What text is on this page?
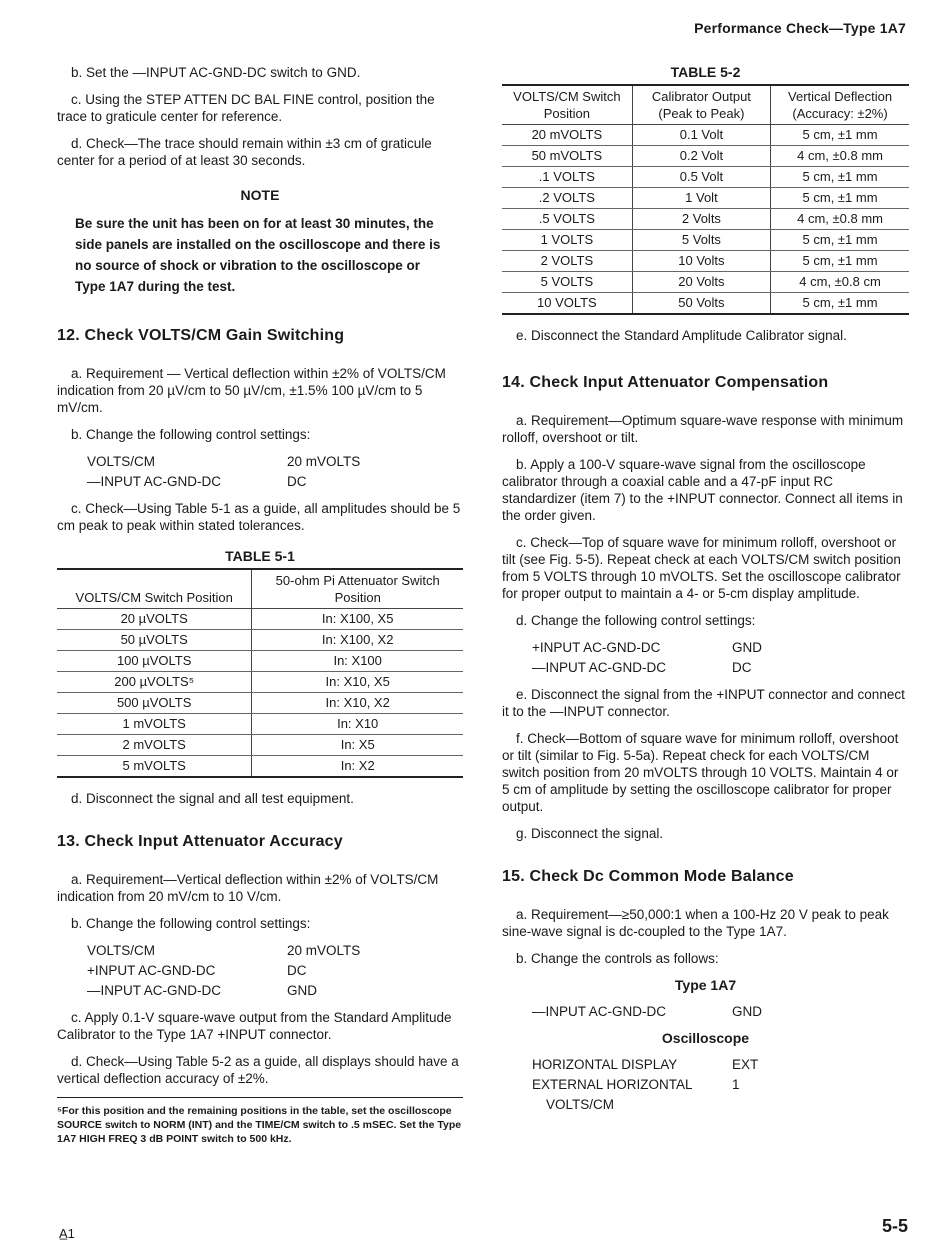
Performance Check—Type 1A7

b. Set the —INPUT AC-GND-DC switch to GND.

c. Using the STEP ATTEN DC BAL FINE control, position the trace to graticule center for reference.

d. Check—The trace should remain within ±3 cm of graticule center for a period of at least 30 seconds.

NOTE

Be sure the unit has been on for at least 30 minutes, the side panels are installed on the oscilloscope and there is no source of shock or vibration to the oscilloscope or Type 1A7 during the test.

12. Check VOLTS/CM Gain Switching

a. Requirement — Vertical deflection within ±2% of VOLTS/CM indication from 20 µV/cm to 50 µV/cm, ±1.5% 100 µV/cm to 5 mV/cm.

b. Change the following control settings:

VOLTS/CM	20 mVOLTS
—INPUT AC-GND-DC	DC

c. Check—Using Table 5-1 as a guide, all amplitudes should be 5 cm peak to peak within stated tolerances.

TABLE 5-1
VOLTS/CM Switch Position	50-ohm Pi Attenuator Switch Position
20 µVOLTS	In: X100, X5
50 µVOLTS	In: X100, X2
100 µVOLTS	In: X100
200 µVOLTS⁵	In: X10, X5
500 µVOLTS	In: X10, X2
1 mVOLTS	In: X10
2 mVOLTS	In: X5
5 mVOLTS	In: X2

d. Disconnect the signal and all test equipment.

13. Check Input Attenuator Accuracy

a. Requirement—Vertical deflection within ±2% of VOLTS/CM indication from 20 mV/cm to 10 V/cm.

b. Change the following control settings:

VOLTS/CM	20 mVOLTS
+INPUT AC-GND-DC	DC
—INPUT AC-GND-DC	GND

c. Apply 0.1-V square-wave output from the Standard Amplitude Calibrator to the Type 1A7 +INPUT connector.

d. Check—Using Table 5-2 as a guide, all displays should have a vertical deflection accuracy of ±2%.

⁵For this position and the remaining positions in the table, set the oscilloscope SOURCE switch to NORM (INT) and the TIME/CM switch to .5 mSEC. Set the Type 1A7 HIGH FREQ 3 dB POINT switch to 500 kHz.
TABLE 5-2
VOLTS/CM Switch Position	Calibrator Output (Peak to Peak)	Vertical Deflection (Accuracy: ±2%)
20 mVOLTS	0.1 Volt	5 cm, ±1 mm
50 mVOLTS	0.2 Volt	4 cm, ±0.8 mm
.1 VOLTS	0.5 Volt	5 cm, ±1 mm
.2 VOLTS	1 Volt	5 cm, ±1 mm
.5 VOLTS	2 Volts	4 cm, ±0.8 mm
1 VOLTS	5 Volts	5 cm, ±1 mm
2 VOLTS	10 Volts	5 cm, ±1 mm
5 VOLTS	20 Volts	4 cm, ±0.8 cm
10 VOLTS	50 Volts	5 cm, ±1 mm

e. Disconnect the Standard Amplitude Calibrator signal.

14. Check Input Attenuator Compensation

a. Requirement—Optimum square-wave response with minimum rolloff, overshoot or tilt.

b. Apply a 100-V square-wave signal from the oscilloscope calibrator through a coaxial cable and a 47-pF input RC standardizer (item 7) to the +INPUT connector. Connect all items in the order given.

c. Check—Top of square wave for minimum rolloff, overshoot or tilt (see Fig. 5-5). Repeat check at each VOLTS/CM switch position from 5 VOLTS through 10 mVOLTS. Set the oscilloscope calibrator for proper output to maintain a 4- or 5-cm display amplitude.

d. Change the following control settings:

+INPUT AC-GND-DC	GND
—INPUT AC-GND-DC	DC

e. Disconnect the signal from the +INPUT connector and connect it to the —INPUT connector.

f. Check—Bottom of square wave for minimum rolloff, overshoot or tilt (similar to Fig. 5-5a). Repeat check for each VOLTS/CM switch position from 20 mVOLTS through 10 VOLTS. Maintain 4 or 5 cm of amplitude by setting the oscilloscope calibrator for proper output.

g. Disconnect the signal.

15. Check Dc Common Mode Balance

a. Requirement—≥50,000:1 when a 100-Hz 20 V peak to peak sine-wave signal is dc-coupled to the Type 1A7.

b. Change the controls as follows:

Type 1A7
—INPUT AC-GND-DC	GND
Oscilloscope
HORIZONTAL DISPLAY	EXT
EXTERNAL HORIZONTAL	1
VOLTS/CM
A̲1	5-5
